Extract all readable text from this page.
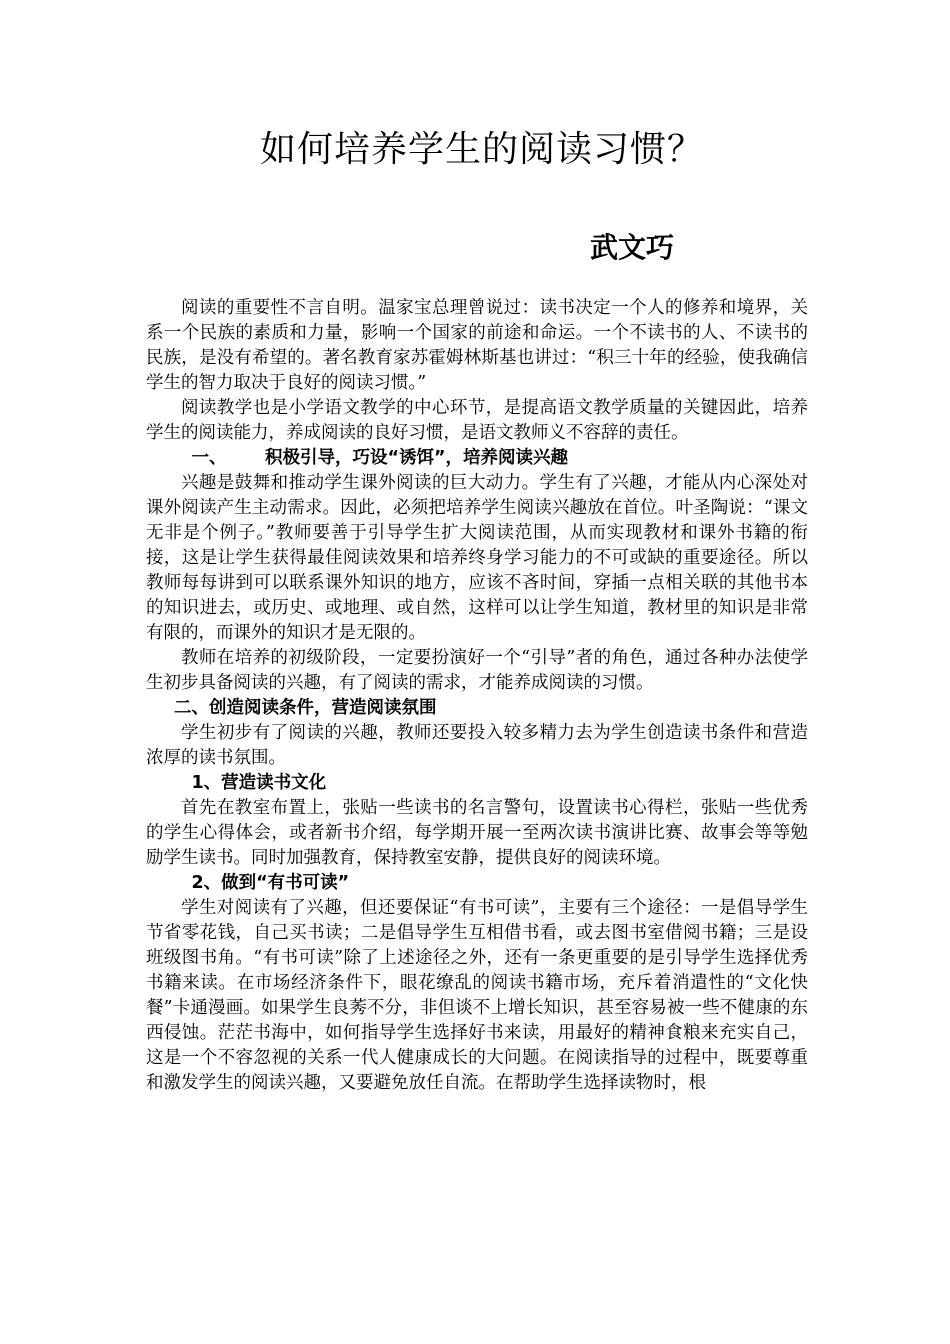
如何培养学生的阅读习惯？
武文巧

阅读的重要性不言自明。温家宝总理曾说过：读书决定一个人的修养和境界，关系一个民族的素质和力量，影响一个国家的前途和命运。一个不读书的人、不读书的民族，是没有希望的。著名教育家苏霍姆林斯基也讲过：“积三十年的经验，使我确信学生的智力取决于良好的阅读习惯。”

阅读教学也是小学语文教学的中心环节，是提高语文教学质量的关键因此，培养学生的阅读能力，养成阅读的良好习惯，是语文教师义不容辞的责任。

一、 积极引导，巧设“诱饵”，培养阅读兴趣

兴趣是鼓舞和推动学生课外阅读的巨大动力。学生有了兴趣，才能从内心深处对课外阅读产生主动需求。因此，必须把培养学生阅读兴趣放在首位。叶圣陶说：“课文无非是个例子。”教师要善于引导学生扩大阅读范围，从而实现教材和课外书籍的衔接，这是让学生获得最佳阅读效果和培养终身学习能力的不可或缺的重要途径。所以教师每每讲到可以联系课外知识的地方，应该不吝时间，穿插一点相关联的其他书本的知识进去，或历史、或地理、或自然，这样可以让学生知道，教材里的知识是非常有限的，而课外的知识才是无限的。

教师在培养的初级阶段，一定要扮演好一个“引导”者的角色，通过各种办法使学生初步具备阅读的兴趣，有了阅读的需求，才能养成阅读的习惯。

二、创造阅读条件，营造阅读氛围

学生初步有了阅读的兴趣，教师还要投入较多精力去为学生创造读书条件和营造浓厚的读书氛围。

1、营造读书文化

首先在教室布置上，张贴一些读书的名言警句，设置读书心得栏，张贴一些优秀的学生心得体会，或者新书介绍，每学期开展一至两次读书演讲比赛、故事会等等勉励学生读书。同时加强教育，保持教室安静，提供良好的阅读环境。

2、做到“有书可读”

学生对阅读有了兴趣，但还要保证“有书可读”，主要有三个途径：一是倡导学生节省零花钱，自己买书读；二是倡导学生互相借书看，或去图书室借阅书籍；三是设班级图书角。“有书可读”除了上述途径之外，还有一条更重要的是引导学生选择优秀书籍来读。在市场经济条件下，眼花缭乱的阅读书籍市场，充斥着消遣性的“文化快餐”卡通漫画。如果学生良莠不分，非但谈不上增长知识，甚至容易被一些不健康的东西侵蚀。茫茫书海中，如何指导学生选择好书来读，用最好的精神食粮来充实自己，这是一个不容忽视的关系一代人健康成长的大问题。在阅读指导的过程中，既要尊重和激发学生的阅读兴趣，又要避免放任自流。在帮助学生选择读物时，根
